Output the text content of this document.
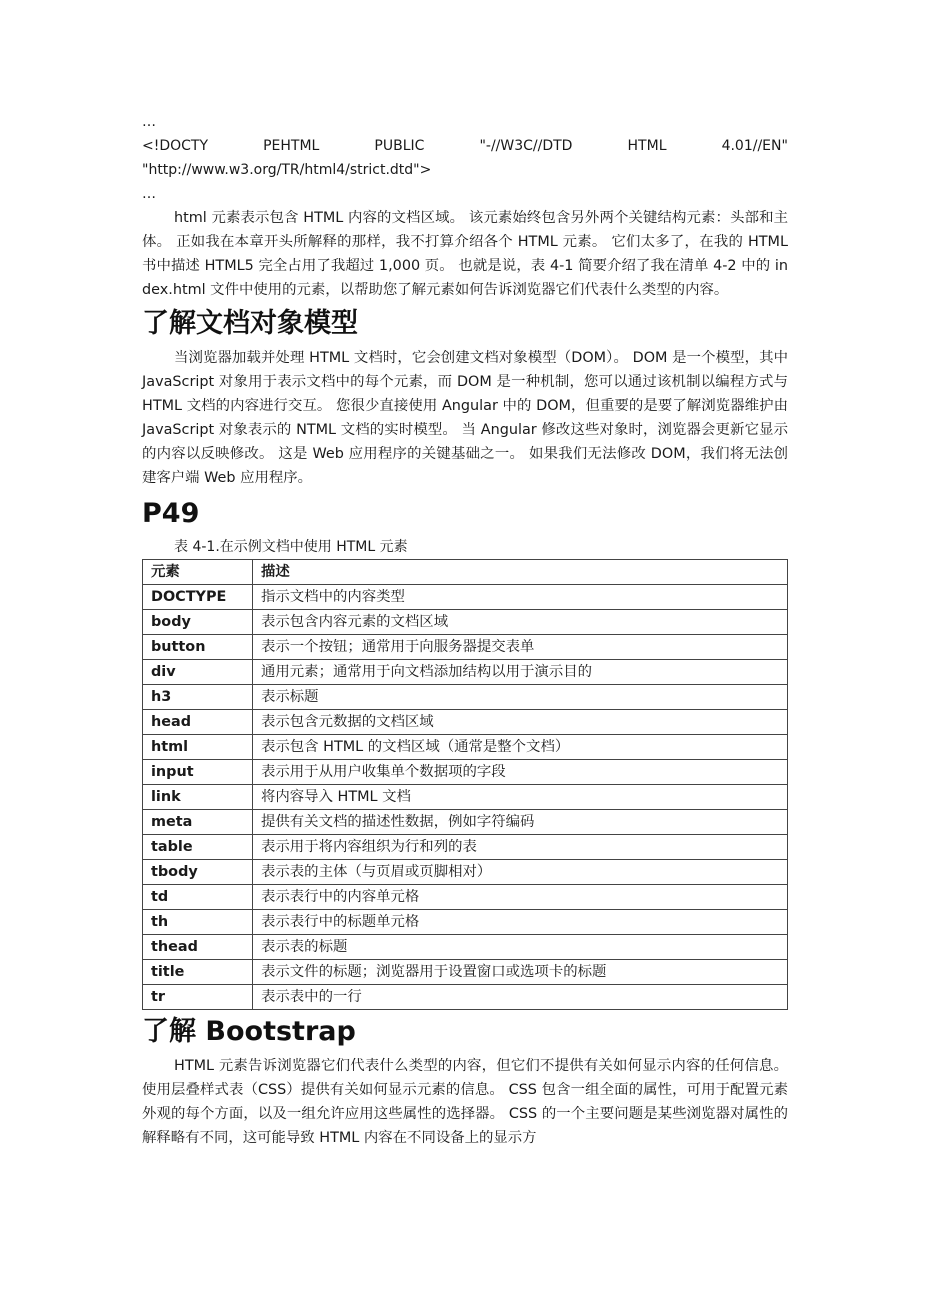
…
<!DOCTY	PEHTML	PUBLIC	"-//W3C//DTD	HTML	4.01//EN"
"http://www.w3.org/TR/html4/strict.dtd">
…

html 元素表示包含 HTML 内容的文档区域。 该元素始终包含另外两个关键结构元素：头部和主体。 正如我在本章开头所解释的那样，我不打算介绍各个 HTML 元素。 它们太多了，在我的 HTML 书中描述 HTML5 完全占用了我超过 1,000 页。 也就是说，表 4-1 简要介绍了我在清单 4-2 中的 index.html 文件中使用的元素，以帮助您了解元素如何告诉浏览器它们代表什么类型的内容。

了解文档对象模型

当浏览器加载并处理 HTML 文档时，它会创建文档对象模型（DOM）。 DOM 是一个模型，其中 JavaScript 对象用于表示文档中的每个元素，而 DOM 是一种机制，您可以通过该机制以编程方式与 HTML 文档的内容进行交互。 您很少直接使用 Angular 中的 DOM，但重要的是要了解浏览器维护由 JavaScript 对象表示的 NTML 文档的实时模型。 当 Angular 修改这些对象时，浏览器会更新它显示的内容以反映修改。 这是 Web 应用程序的关键基础之一。 如果我们无法修改 DOM，我们将无法创建客户端 Web 应用程序。

P49
表 4-1.在示例文档中使用 HTML 元素
元素	描述
DOCTYPE	指示文档中的内容类型
body	表示包含内容元素的文档区域
button	表示一个按钮；通常用于向服务器提交表单
div	通用元素；通常用于向文档添加结构以用于演示目的
h3	表示标题
head	表示包含元数据的文档区域
html	表示包含 HTML 的文档区域（通常是整个文档）
input	表示用于从用户收集单个数据项的字段
link	将内容导入 HTML 文档
meta	提供有关文档的描述性数据，例如字符编码
table	表示用于将内容组织为行和列的表
tbody	表示表的主体（与页眉或页脚相对）
td	表示表行中的内容单元格
th	表示表行中的标题单元格
thead	表示表的标题
title	表示文件的标题；浏览器用于设置窗口或选项卡的标题
tr	表示表中的一行
了解 Bootstrap

HTML 元素告诉浏览器它们代表什么类型的内容，但它们不提供有关如何显示内容的任何信息。使用层叠样式表（CSS）提供有关如何显示元素的信息。 CSS 包含一组全面的属性，可用于配置元素外观的每个方面，以及一组允许应用这些属性的选择器。 CSS 的一个主要问题是某些浏览器对属性的解释略有不同，这可能导致 HTML 内容在不同设备上的显示方
